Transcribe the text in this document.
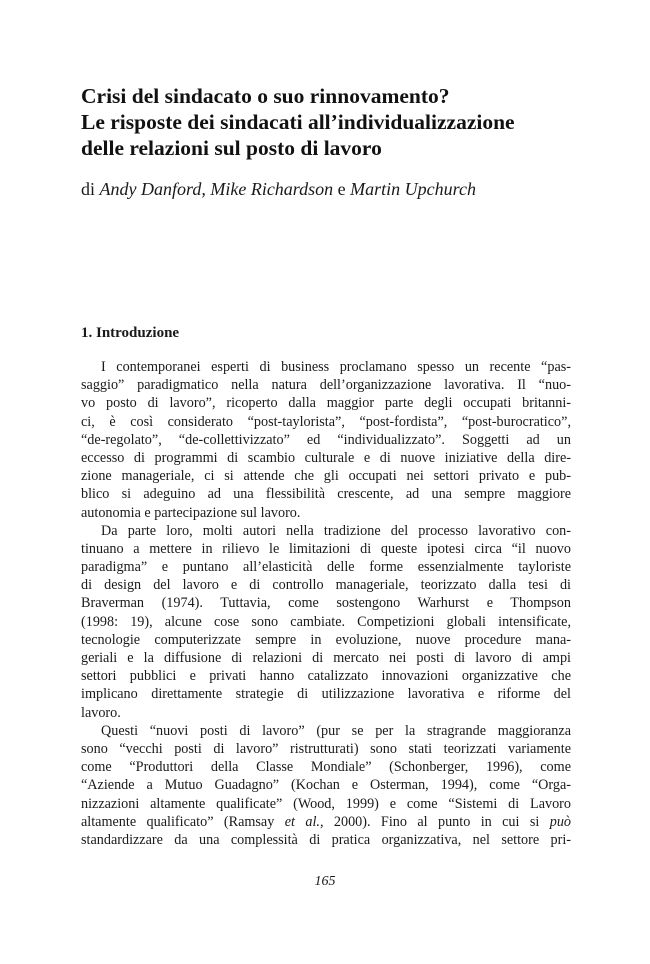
Crisi del sindacato o suo rinnovamento?
Le risposte dei sindacati all’individualizzazione
delle relazioni sul posto di lavoro
di Andy Danford, Mike Richardson e Martin Upchurch
1. Introduzione
I contemporanei esperti di business proclamano spesso un recente “pas-
saggio” paradigmatico nella natura dell’organizzazione lavorativa. Il “nuo-
vo posto di lavoro”, ricoperto dalla maggior parte degli occupati britanni-
ci, è così considerato “post-taylorista”, “post-fordista”, “post-burocratico”,
“de-regolato”, “de-collettivizzato” ed “individualizzato”. Soggetti ad un
eccesso di programmi di scambio culturale e di nuove iniziative della dire-
zione manageriale, ci si attende che gli occupati nei settori privato e pub-
blico si adeguino ad una flessibilità crescente, ad una sempre maggiore
autonomia e partecipazione sul lavoro.
Da parte loro, molti autori nella tradizione del processo lavorativo con-
tinuano a mettere in rilievo le limitazioni di queste ipotesi circa “il nuovo
paradigma” e puntano all’elasticità delle forme essenzialmente tayloriste
di design del lavoro e di controllo manageriale, teorizzato dalla tesi di
Braverman (1974). Tuttavia, come sostengono Warhurst e Thompson
(1998: 19), alcune cose sono cambiate. Competizioni globali intensificate,
tecnologie computerizzate sempre in evoluzione, nuove procedure mana-
geriali e la diffusione di relazioni di mercato nei posti di lavoro di ampi
settori pubblici e privati hanno catalizzato innovazioni organizzative che
implicano direttamente strategie di utilizzazione lavorativa e riforme del
lavoro.
Questi “nuovi posti di lavoro” (pur se per la stragrande maggioranza
sono “vecchi posti di lavoro” ristrutturati) sono stati teorizzati variamente
come “Produttori della Classe Mondiale” (Schonberger, 1996), come
“Aziende a Mutuo Guadagno” (Kochan e Osterman, 1994), come “Orga-
nizzazioni altamente qualificate” (Wood, 1999) e come “Sistemi di Lavoro
altamente qualificato” (Ramsay et al., 2000). Fino al punto in cui si può
standardizzare da una complessità di pratica organizzativa, nel settore pri-
165
